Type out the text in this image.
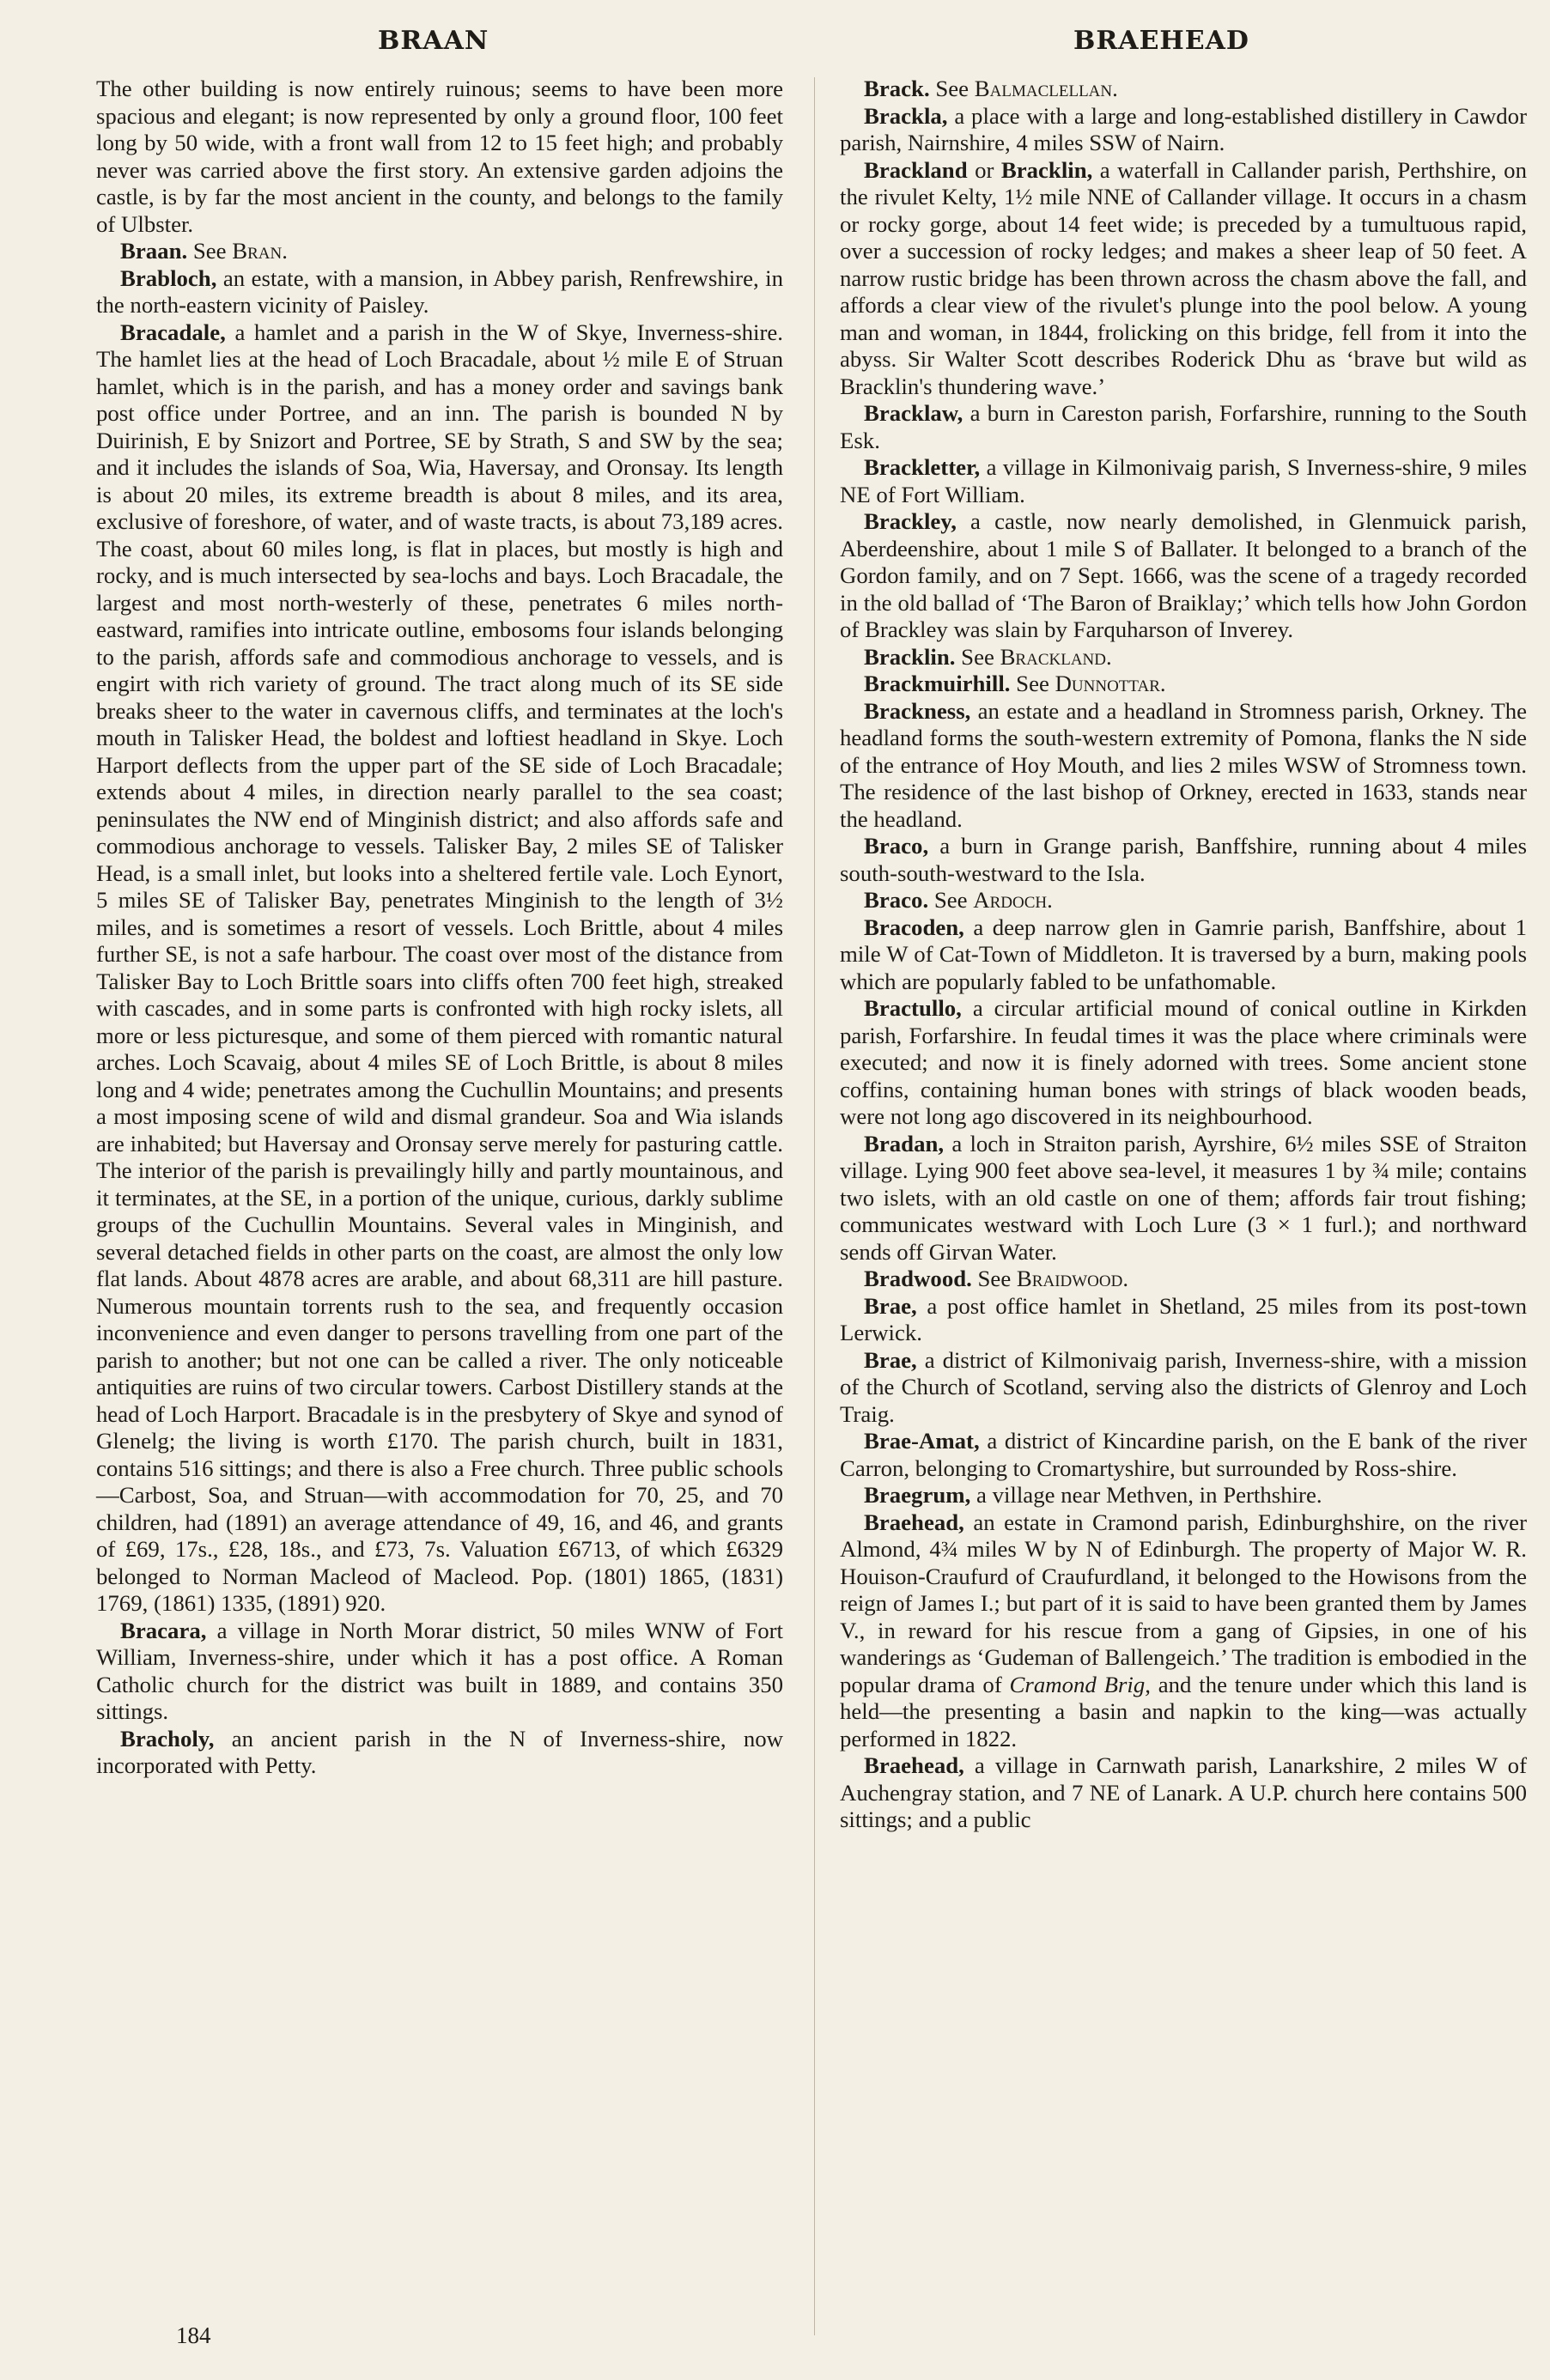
BRAAN	BRAEHEAD

The other building is now entirely ruinous; seems to have been more spacious and elegant; is now represented by only a ground floor, 100 feet long by 50 wide, with a front wall from 12 to 15 feet high; and probably never was carried above the first story. An extensive garden adjoins the castle, is by far the most ancient in the county, and belongs to the family of Ulbster.

Braan. See Bran.

Brabloch, an estate, with a mansion, in Abbey parish, Renfrewshire, in the north-eastern vicinity of Paisley.

Bracadale, a hamlet and a parish in the W of Skye, Inverness-shire. The hamlet lies at the head of Loch Bracadale, about ½ mile E of Struan hamlet, which is in the parish, and has a money order and savings bank post office under Portree, and an inn. The parish is bounded N by Duirinish, E by Snizort and Portree, SE by Strath, S and SW by the sea; and it includes the islands of Soa, Wia, Haversay, and Oronsay. Its length is about 20 miles, its extreme breadth is about 8 miles, and its area, exclusive of foreshore, of water, and of waste tracts, is about 73,189 acres. The coast, about 60 miles long, is flat in places, but mostly is high and rocky, and is much intersected by sea-lochs and bays. Loch Bracadale, the largest and most north-westerly of these, penetrates 6 miles north-eastward, ramifies into intricate outline, embosoms four islands belonging to the parish, affords safe and commodious anchorage to vessels, and is engirt with rich variety of ground. The tract along much of its SE side breaks sheer to the water in cavernous cliffs, and terminates at the loch's mouth in Talisker Head, the boldest and loftiest headland in Skye. Loch Harport deflects from the upper part of the SE side of Loch Bracadale; extends about 4 miles, in direction nearly parallel to the sea coast; peninsulates the NW end of Minginish district; and also affords safe and commodious anchorage to vessels. Talisker Bay, 2 miles SE of Talisker Head, is a small inlet, but looks into a sheltered fertile vale. Loch Eynort, 5 miles SE of Talisker Bay, penetrates Minginish to the length of 3½ miles, and is sometimes a resort of vessels. Loch Brittle, about 4 miles further SE, is not a safe harbour. The coast over most of the distance from Talisker Bay to Loch Brittle soars into cliffs often 700 feet high, streaked with cascades, and in some parts is confronted with high rocky islets, all more or less picturesque, and some of them pierced with romantic natural arches. Loch Scavaig, about 4 miles SE of Loch Brittle, is about 8 miles long and 4 wide; penetrates among the Cuchullin Mountains; and presents a most imposing scene of wild and dismal grandeur. Soa and Wia islands are inhabited; but Haversay and Oronsay serve merely for pasturing cattle. The interior of the parish is prevailingly hilly and partly mountainous, and it terminates, at the SE, in a portion of the unique, curious, darkly sublime groups of the Cuchullin Mountains. Several vales in Minginish, and several detached fields in other parts on the coast, are almost the only low flat lands. About 4878 acres are arable, and about 68,311 are hill pasture. Numerous mountain torrents rush to the sea, and frequently occasion inconvenience and even danger to persons travelling from one part of the parish to another; but not one can be called a river. The only noticeable antiquities are ruins of two circular towers. Carbost Distillery stands at the head of Loch Harport. Bracadale is in the presbytery of Skye and synod of Glenelg; the living is worth £170. The parish church, built in 1831, contains 516 sittings; and there is also a Free church. Three public schools —Carbost, Soa, and Struan—with accommodation for 70, 25, and 70 children, had (1891) an average attendance of 49, 16, and 46, and grants of £69, 17s., £28, 18s., and £73, 7s. Valuation £6713, of which £6329 belonged to Norman Macleod of Macleod. Pop. (1801) 1865, (1831) 1769, (1861) 1335, (1891) 920.

Bracara, a village in North Morar district, 50 miles WNW of Fort William, Inverness-shire, under which it has a post office. A Roman Catholic church for the district was built in 1889, and contains 350 sittings.

Bracholy, an ancient parish in the N of Inverness-shire, now incorporated with Petty.

Brack. See Balmaclellan.

Brackla, a place with a large and long-established distillery in Cawdor parish, Nairnshire, 4 miles SSW of Nairn.

Brackland or Bracklin, a waterfall in Callander parish, Perthshire, on the rivulet Kelty, 1½ mile NNE of Callander village. It occurs in a chasm or rocky gorge, about 14 feet wide; is preceded by a tumultuous rapid, over a succession of rocky ledges; and makes a sheer leap of 50 feet. A narrow rustic bridge has been thrown across the chasm above the fall, and affords a clear view of the rivulet's plunge into the pool below. A young man and woman, in 1844, frolicking on this bridge, fell from it into the abyss. Sir Walter Scott describes Roderick Dhu as ‘brave but wild as Bracklin's thundering wave.’

Bracklaw, a burn in Careston parish, Forfarshire, running to the South Esk.

Brackletter, a village in Kilmonivaig parish, S Inverness-shire, 9 miles NE of Fort William.

Brackley, a castle, now nearly demolished, in Glenmuick parish, Aberdeenshire, about 1 mile S of Ballater. It belonged to a branch of the Gordon family, and on 7 Sept. 1666, was the scene of a tragedy recorded in the old ballad of ‘The Baron of Braiklay;’ which tells how John Gordon of Brackley was slain by Farquharson of Inverey.

Bracklin. See Brackland.

Brackmuirhill. See Dunnottar.

Brackness, an estate and a headland in Stromness parish, Orkney. The headland forms the south-western extremity of Pomona, flanks the N side of the entrance of Hoy Mouth, and lies 2 miles WSW of Stromness town. The residence of the last bishop of Orkney, erected in 1633, stands near the headland.

Braco, a burn in Grange parish, Banffshire, running about 4 miles south-south-westward to the Isla.

Braco. See Ardoch.

Bracoden, a deep narrow glen in Gamrie parish, Banffshire, about 1 mile W of Cat-Town of Middleton. It is traversed by a burn, making pools which are popularly fabled to be unfathomable.

Bractullo, a circular artificial mound of conical outline in Kirkden parish, Forfarshire. In feudal times it was the place where criminals were executed; and now it is finely adorned with trees. Some ancient stone coffins, containing human bones with strings of black wooden beads, were not long ago discovered in its neighbourhood.

Bradan, a loch in Straiton parish, Ayrshire, 6½ miles SSE of Straiton village. Lying 900 feet above sea-level, it measures 1 by ¾ mile; contains two islets, with an old castle on one of them; affords fair trout fishing; communicates westward with Loch Lure (3 × 1 furl.); and northward sends off Girvan Water.

Bradwood. See Braidwood.

Brae, a post office hamlet in Shetland, 25 miles from its post-town Lerwick.

Brae, a district of Kilmonivaig parish, Inverness-shire, with a mission of the Church of Scotland, serving also the districts of Glenroy and Loch Traig.

Brae-Amat, a district of Kincardine parish, on the E bank of the river Carron, belonging to Cromartyshire, but surrounded by Ross-shire.

Braegrum, a village near Methven, in Perthshire.

Braehead, an estate in Cramond parish, Edinburghshire, on the river Almond, 4¾ miles W by N of Edinburgh. The property of Major W. R. Houison-Craufurd of Craufurdland, it belonged to the Howisons from the reign of James I.; but part of it is said to have been granted them by James V., in reward for his rescue from a gang of Gipsies, in one of his wanderings as ‘Gudeman of Ballengeich.’ The tradition is embodied in the popular drama of Cramond Brig, and the tenure under which this land is held—the presenting a basin and napkin to the king—was actually performed in 1822.

Braehead, a village in Carnwath parish, Lanarkshire, 2 miles W of Auchengray station, and 7 NE of Lanark. A U.P. church here contains 500 sittings; and a public

184
